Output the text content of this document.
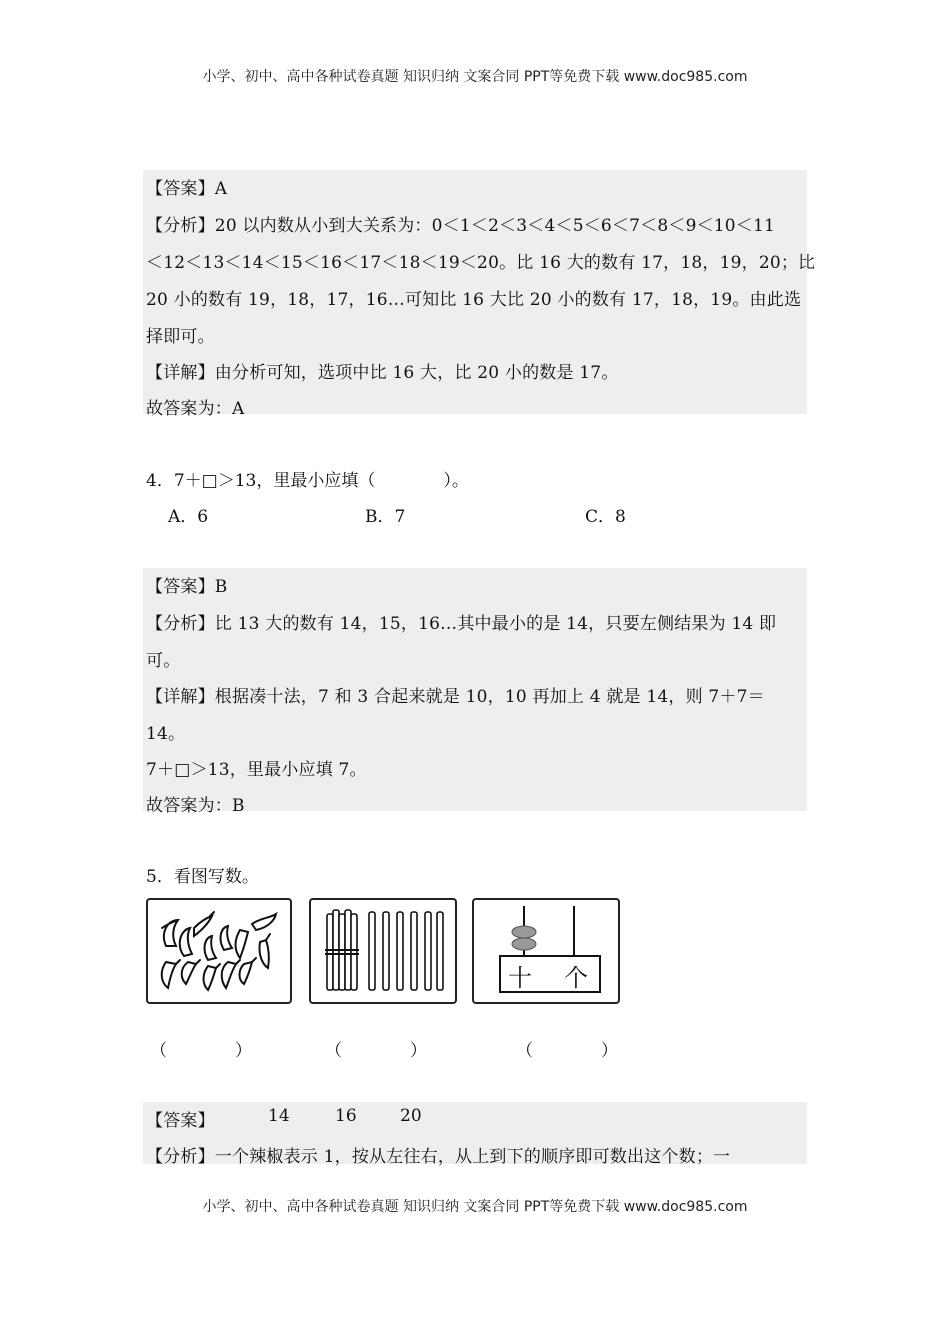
小学、初中、高中各种试卷真题 知识归纳 文案合同 PPT等免费下载 www.doc985.com
小学、初中、高中各种试卷真题 知识归纳 文案合同 PPT等免费下载 www.doc985.com
【答案】A
【分析】20 以内数从小到大关系为：0＜1＜2＜3＜4＜5＜6＜7＜8＜9＜10＜11
＜12＜13＜14＜15＜16＜17＜18＜19＜20。比 16 大的数有 17，18，19，20；比
20 小的数有 19，18，17，16…可知比 16 大比 20 小的数有 17，18，19。由此选
择即可。
【详解】由分析可知，选项中比 16 大，比 20 小的数是 17。
故答案为：A
4．7＋□＞13，里最小应填（　　　　）。
A．6	B．7	C．8
【答案】B
【分析】比 13 大的数有 14，15，16…其中最小的是 14，只要左侧结果为 14 即
可。
【详解】根据凑十法，7 和 3 合起来就是 10，10 再加上 4 就是 14，则 7＋7＝
14。
7＋□＞13，里最小应填 7。
故答案为：B
5．看图写数。
十 个
（　　　　）	（　　　　）	（　　　　）
【答案】	14	16	20
【分析】一个辣椒表示 1，按从左往右，从上到下的顺序即可数出这个数；一
